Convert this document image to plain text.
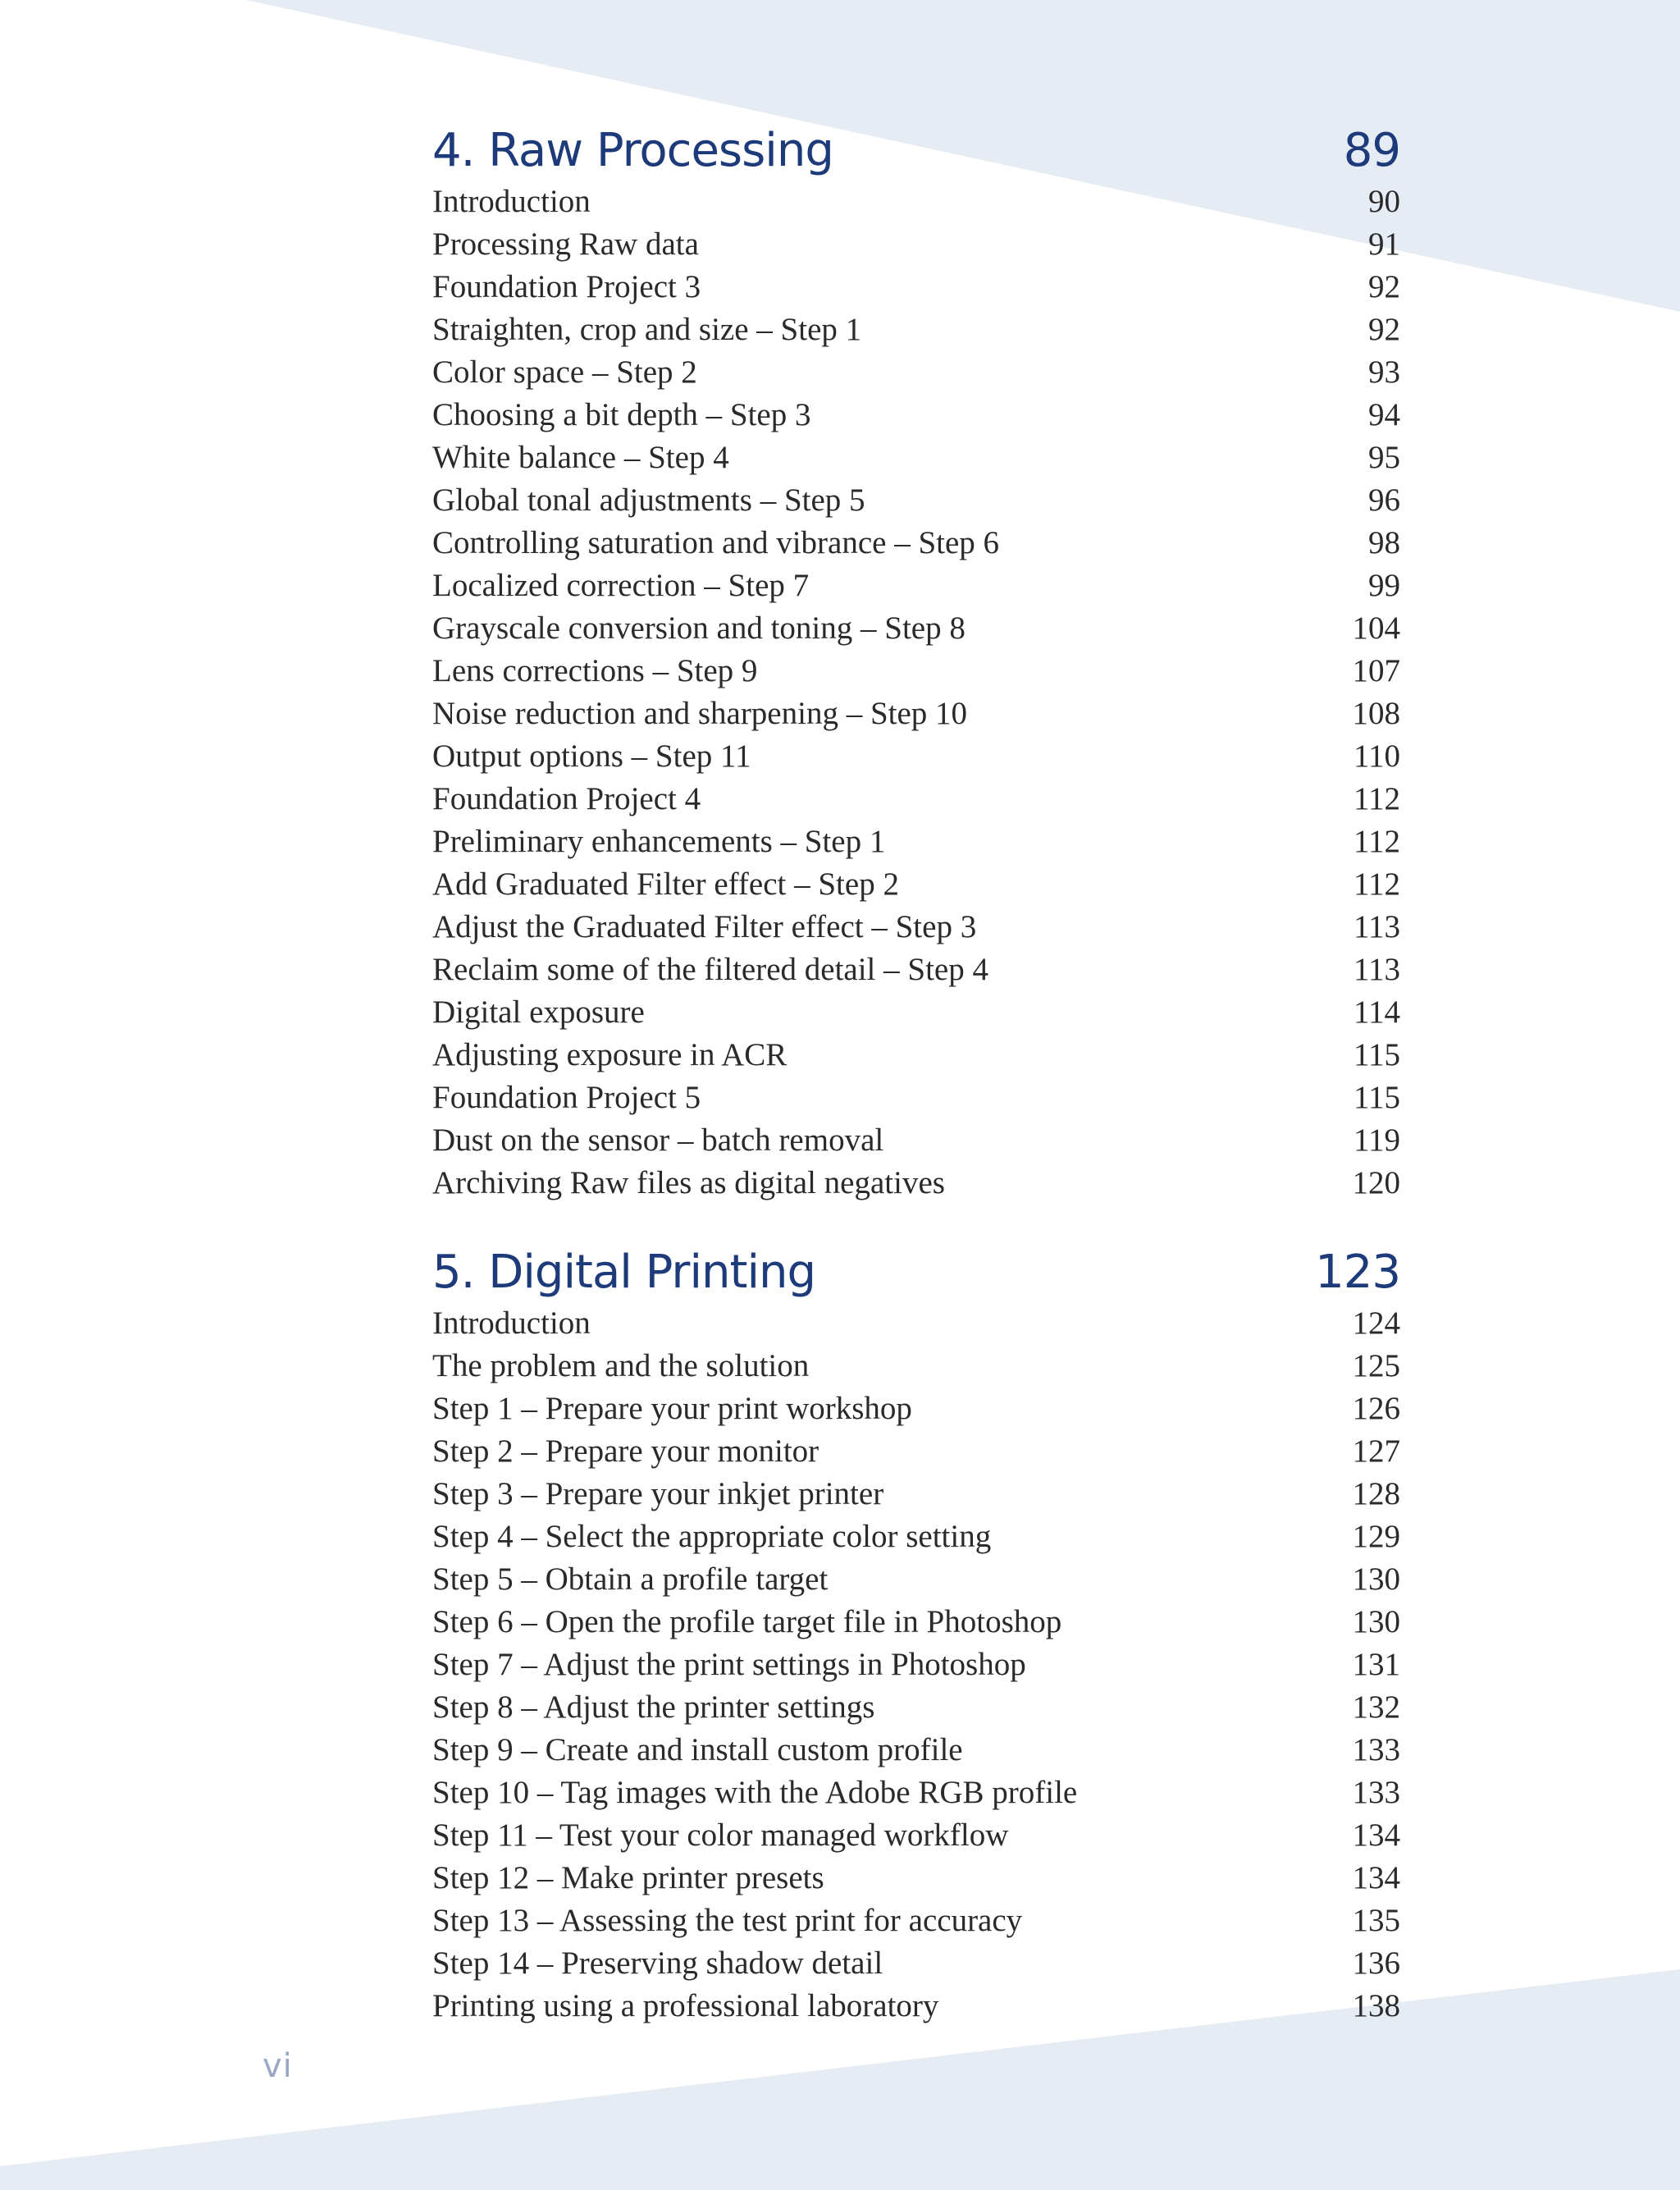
4. Raw Processing	89
Introduction	90
Processing Raw data	91
Foundation Project 3	92
Straighten, crop and size – Step 1	92
Color space – Step 2	93
Choosing a bit depth – Step 3	94
White balance – Step 4	95
Global tonal adjustments – Step 5	96
Controlling saturation and vibrance – Step 6	98
Localized correction – Step 7	99
Grayscale conversion and toning – Step 8	104
Lens corrections – Step 9	107
Noise reduction and sharpening – Step 10	108
Output options – Step 11	110
Foundation Project 4	112
Preliminary enhancements – Step 1	112
Add Graduated Filter effect – Step 2	112
Adjust the Graduated Filter effect – Step 3	113
Reclaim some of the filtered detail – Step 4	113
Digital exposure	114
Adjusting exposure in ACR	115
Foundation Project 5	115
Dust on the sensor – batch removal	119
Archiving Raw files as digital negatives	120
5. Digital Printing	123
Introduction	124
The problem and the solution	125
Step 1 – Prepare your print workshop	126
Step 2 – Prepare your monitor	127
Step 3 – Prepare your inkjet printer	128
Step 4 – Select the appropriate color setting	129
Step 5 – Obtain a profile target	130
Step 6 – Open the profile target file in Photoshop	130
Step 7 – Adjust the print settings in Photoshop	131
Step 8 – Adjust the printer settings	132
Step 9 – Create and install custom profile	133
Step 10 – Tag images with the Adobe RGB profile	133
Step 11 – Test your color managed workflow	134
Step 12 – Make printer presets	134
Step 13 – Assessing the test print for accuracy	135
Step 14 – Preserving shadow detail	136
Printing using a professional laboratory	138
vi
